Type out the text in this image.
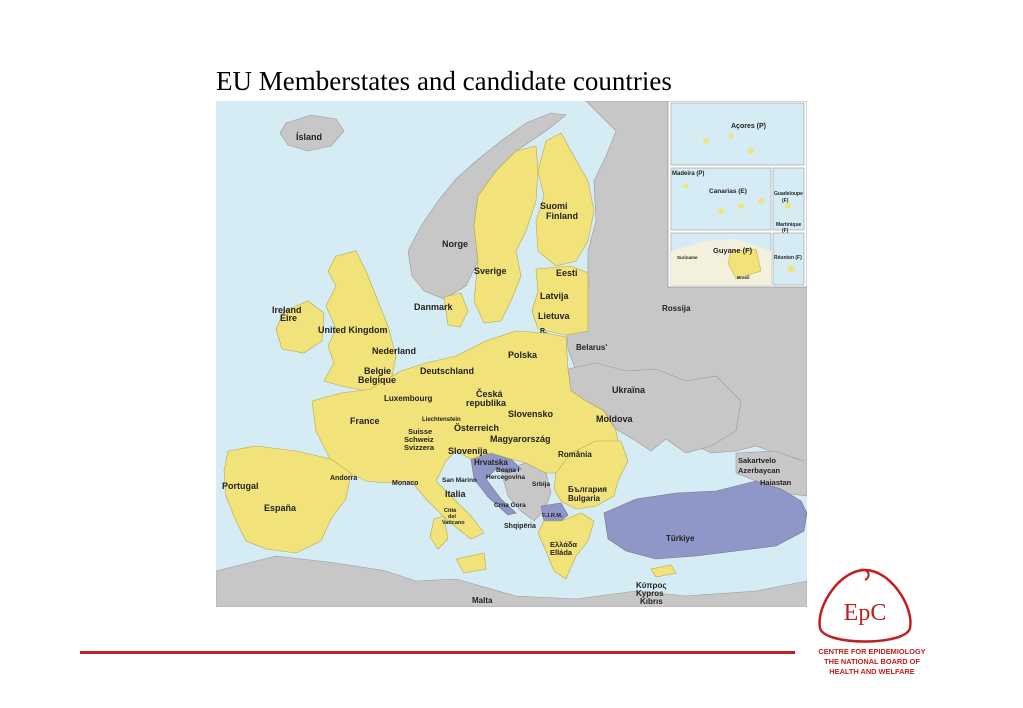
EU Memberstates and candidate countries
Ísland
Norge
Sverige
Suomi
Finland
Eesti
Latvija
Lietuva
R.
Ireland
Éire
United Kingdom
Danmark
Nederland
Belgie
Belgique
Luxembourg
Deutschland
Polska
Belarus'
Rossija
Ukraïna
Česká
republika
Slovensko
Liechtenstein
Suisse
Schweiz
Svizzera
Österreich
Magyarország
Moldova
France
Slovenija
Hrvatska
Bosna i
Hercegovina
Srbija
România
Andorra
Monaco	San Marino
Città
del
Vaticano
Crna Gora
F.J.R.M.
Shqipëria
България
Bulgaria
Portugal
España
Italia
Ελλάδα
Elláda
Türkiye
Sakartvelo
Azerbaycan
Haiastan
Κύπρος
Kypros
Kıbrıs
Malta
Açores (P)
Madeira (P)
Canarias (E)	Guadeloupe
(F)
Martinique
(F)
Guyane (F)
Suriname
Brasil
Réunion (F)
EpC
CENTRE FOR EPIDEMIOLOGY
THE NATIONAL BOARD OF
HEALTH AND WELFARE
